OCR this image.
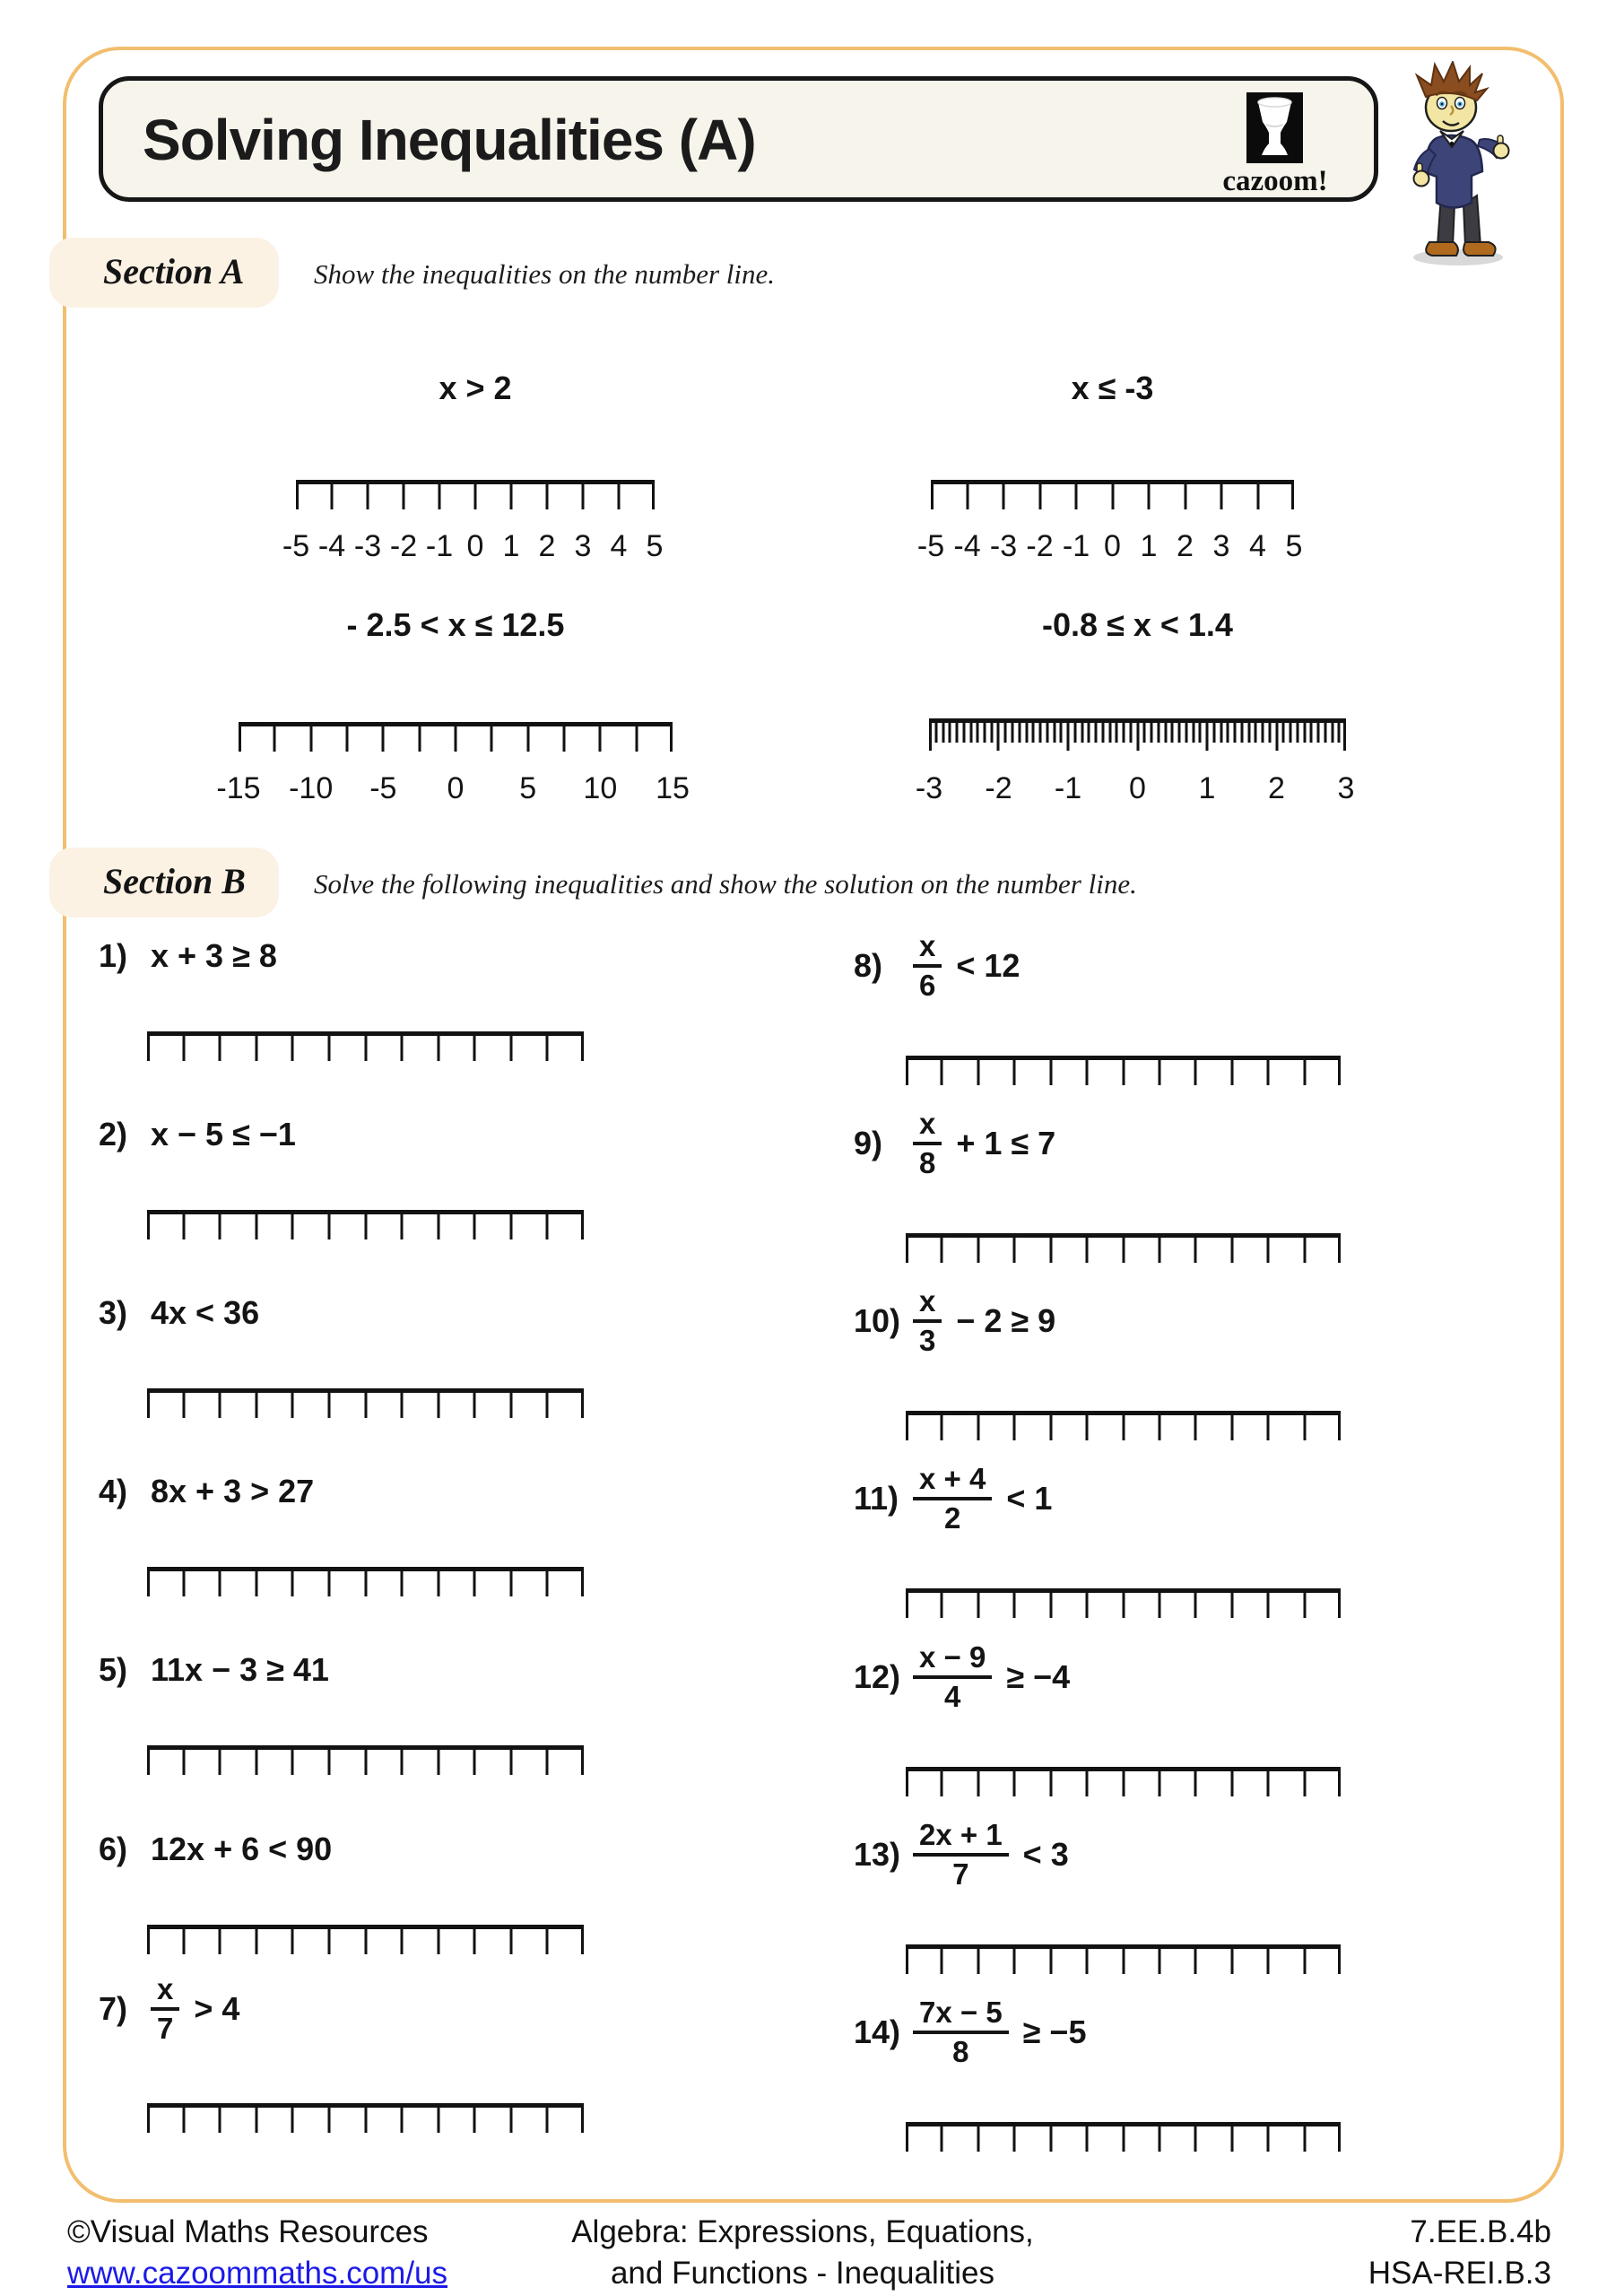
Solving Inequalities (A)
cazoom!
Section A	Show the inequalities on the number line.
x > 2	x ≤ -3
-5 -4 -3 -2 -1 0 1 2 3 4 5	-5 -4 -3 -2 -1 0 1 2 3 4 5
- 2.5 < x ≤ 12.5	-0.8 ≤ x < 1.4
-15 -10 -5 0 5 10 15	-3 -2 -1 0 1 2 3
Section B Solve the following inequalities and show the solution on the number line.
1) x + 3 ≥ 8
2) x − 5 ≤ −1
3) 4x < 36
4) 8x + 3 > 27
5) 11x − 3 ≥ 41
6) 12x + 6 < 90
$7) \frac{x}{7} > 4$
8)	$\frac{x}{6} < 12$
9)	$\frac{x}{8} + 1 \le 7$
$10) \frac{x}{3} - 2 \ge 9$
$11) \frac{x + 4}{2} < 1$
$12) \frac{x - 9}{4} \ge -4$
$13) \frac{2x + 1}{7} < 3$
$14) \frac{7x - 5}{8} \ge -5$
©Visual Maths Resources
www.cazoommaths.com/us
Algebra: Expressions, Equations,
and Functions - Inequalities
7.EE.B.4b
HSA-REI.B.3
